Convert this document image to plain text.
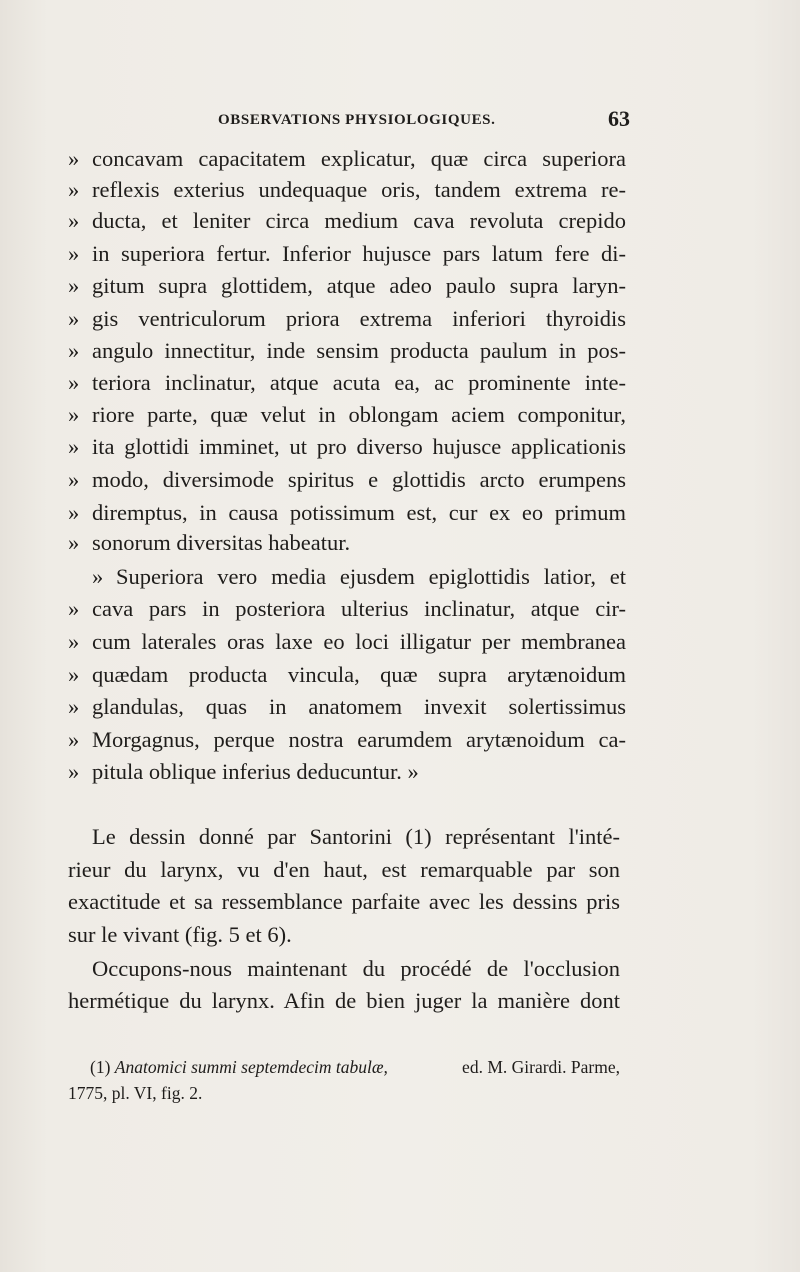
OBSERVATIONS PHYSIOLOGIQUES.	63
» concavam capacitatem explicatur, quæ circa superiora
» reflexis exterius undequaque oris, tandem extrema re-
» ducta, et leniter circa medium cava revoluta crepido
» in superiora fertur. Inferior hujusce pars latum fere di-
» gitum supra glottidem, atque adeo paulo supra laryn-
» gis ventriculorum priora extrema inferiori thyroidis
» angulo innectitur, inde sensim producta paulum in pos-
» teriora inclinatur, atque acuta ea, ac prominente inte-
» riore parte, quæ velut in oblongam aciem componitur,
» ita glottidi imminet, ut pro diverso hujusce applicationis
» modo, diversimode spiritus e glottidis arcto erumpens
» diremptus, in causa potissimum est, cur ex eo primum
» sonorum diversitas habeatur.
» Superiora vero media ejusdem epiglottidis latior, et
» cava pars in posteriora ulterius inclinatur, atque cir-
» cum laterales oras laxe eo loci illigatur per membranea
» quædam producta vincula, quæ supra arytænoidum
» glandulas, quas in anatomem invexit solertissimus
» Morgagnus, perque nostra earumdem arytænoidum ca-
» pitula oblique inferius deducuntur. »
Le dessin donné par Santorini (1) représentant l'inté-
rieur du larynx, vu d'en haut, est remarquable par son
exactitude et sa ressemblance parfaite avec les dessins pris
sur le vivant (fig. 5 et 6).
Occupons-nous maintenant du procédé de l'occlusion
hermétique du larynx. Afin de bien juger la manière dont
(1) Anatomici summi septemdecim tabulæ,	ed. M. Girardi. Parme,
1775, pl. VI, fig. 2.
